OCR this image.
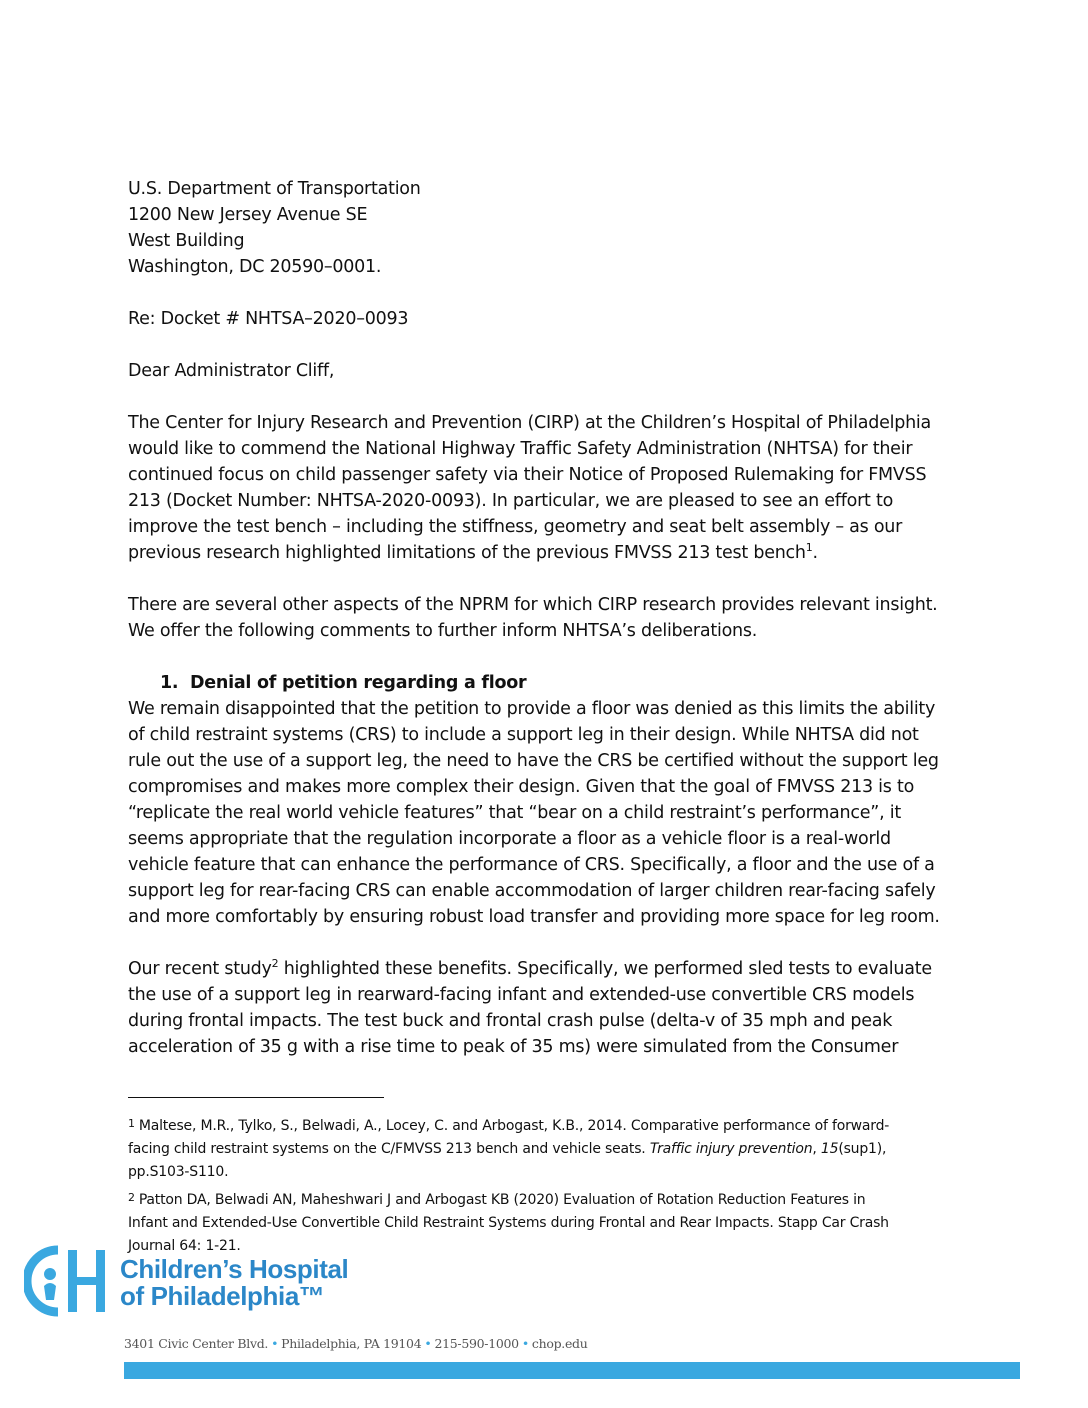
U.S. Department of Transportation
1200 New Jersey Avenue SE
West Building
Washington, DC 20590–0001.
Re: Docket # NHTSA–2020–0093
Dear Administrator Cliff,
The Center for Injury Research and Prevention (CIRP) at the Children’s Hospital of Philadelphia
would like to commend the National Highway Traffic Safety Administration (NHTSA) for their
continued focus on child passenger safety via their Notice of Proposed Rulemaking for FMVSS
213 (Docket Number: NHTSA-2020-0093). In particular, we are pleased to see an effort to
improve the test bench – including the stiffness, geometry and seat belt assembly – as our
previous research highlighted limitations of the previous FMVSS 213 test bench$^1$.
There are several other aspects of the NPRM for which CIRP research provides relevant insight.
We offer the following comments to further inform NHTSA’s deliberations.
1. Denial of petition regarding a floor
We remain disappointed that the petition to provide a floor was denied as this limits the ability
of child restraint systems (CRS) to include a support leg in their design. While NHTSA did not
rule out the use of a support leg, the need to have the CRS be certified without the support leg
compromises and makes more complex their design. Given that the goal of FMVSS 213 is to
“replicate the real world vehicle features” that “bear on a child restraint’s performance”, it
seems appropriate that the regulation incorporate a floor as a vehicle floor is a real-world
vehicle feature that can enhance the performance of CRS. Specifically, a floor and the use of a
support leg for rear-facing CRS can enable accommodation of larger children rear-facing safely
and more comfortably by ensuring robust load transfer and providing more space for leg room.
Our recent study$^2$ highlighted these benefits. Specifically, we performed sled tests to evaluate
the use of a support leg in rearward-facing infant and extended-use convertible CRS models
during frontal impacts. The test buck and frontal crash pulse (delta-v of 35 mph and peak
acceleration of 35 g with a rise time to peak of 35 ms) were simulated from the Consumer
$^1$ Maltese, M.R., Tylko, S., Belwadi, A., Locey, C. and Arbogast, K.B., 2014. Comparative performance of forward-
facing child restraint systems on the C/FMVSS 213 bench and vehicle seats. Traffic injury prevention, 15(sup1),
pp.S103-S110.
$^2$ Patton DA, Belwadi AN, Maheshwari J and Arbogast KB (2020) Evaluation of Rotation Reduction Features in
Infant and Extended-Use Convertible Child Restraint Systems during Frontal and Rear Impacts. Stapp Car Crash
Journal 64: 1-21.
Children’s Hospital
of Philadelphia™
3401 Civic Center Blvd. • Philadelphia, PA 19104 • 215-590-1000 • chop.edu
